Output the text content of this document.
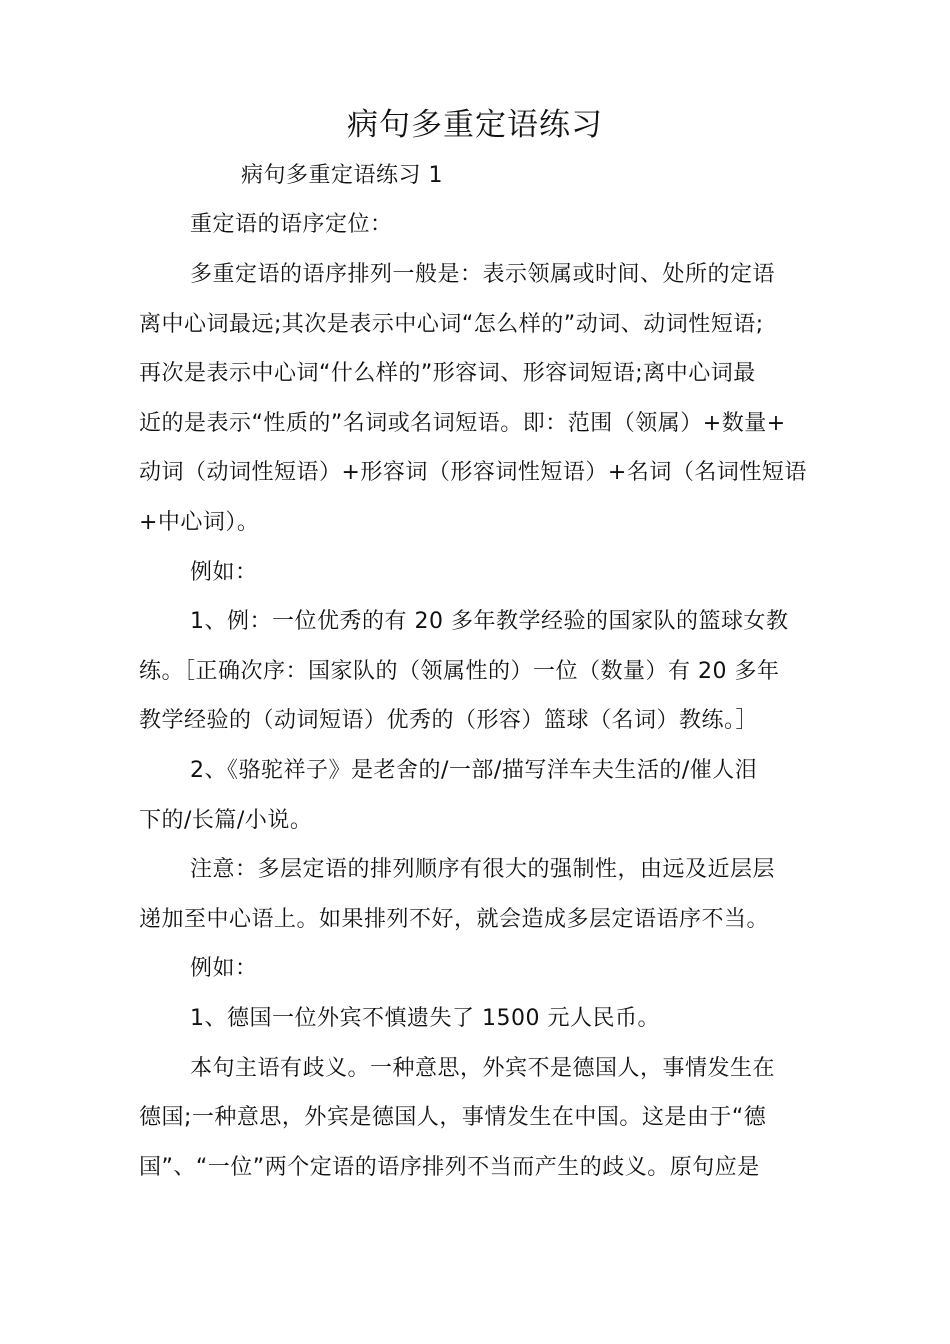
病句多重定语练习
病句多重定语练习 1
重定语的语序定位：
多重定语的语序排列一般是：表示领属或时间、处所的定语
离中心词最远;其次是表示中心词“怎么样的”动词、动词性短语;
再次是表示中心词“什么样的”形容词、形容词短语;离中心词最
近的是表示“性质的”名词或名词短语。即：范围（领属）+数量+
动词（动词性短语）+形容词（形容词性短语）+名词（名词性短语
+中心词）。
例如：
1、例：一位优秀的有 20 多年教学经验的国家队的篮球女教
练。［正确次序：国家队的（领属性的）一位（数量）有 20 多年
教学经验的（动词短语）优秀的（形容）篮球（名词）教练。］
2、《骆驼祥子》是老舍的/一部/描写洋车夫生活的/催人泪
下的/长篇/小说。
注意：多层定语的排列顺序有很大的强制性，由远及近层层
递加至中心语上。如果排列不好，就会造成多层定语语序不当。
例如：
1、德国一位外宾不慎遗失了 1500 元人民币。
本句主语有歧义。一种意思，外宾不是德国人，事情发生在
德国;一种意思，外宾是德国人，事情发生在中国。这是由于“德
国”、“一位”两个定语的语序排列不当而产生的歧义。原句应是
